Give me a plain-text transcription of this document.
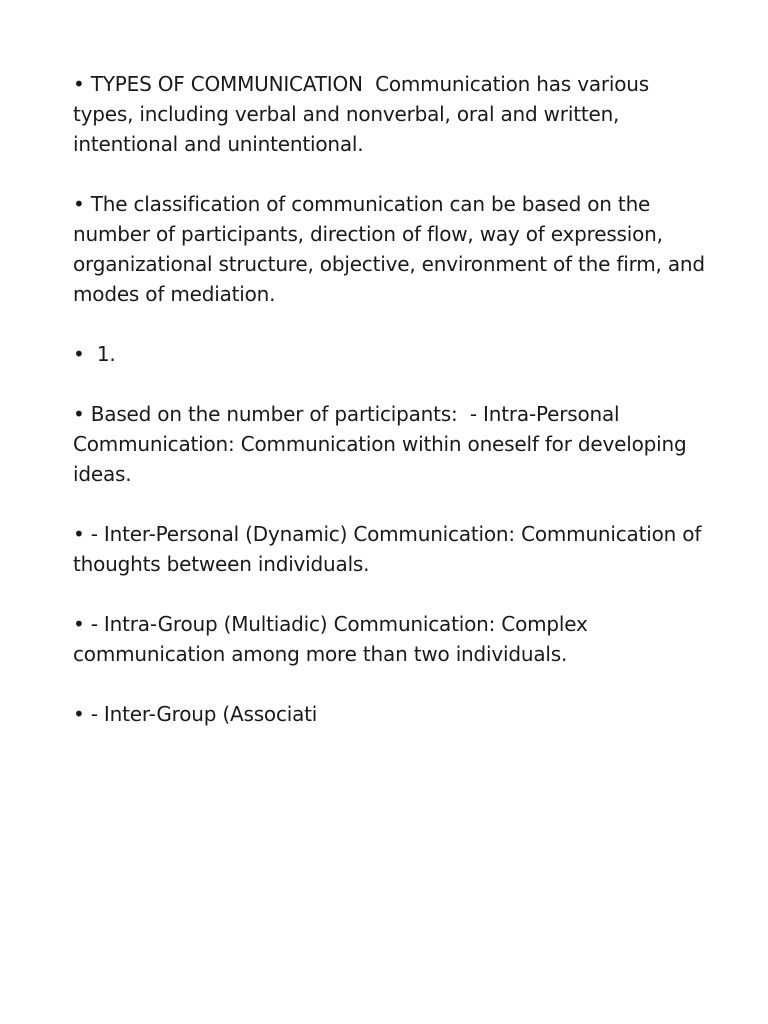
• TYPES OF COMMUNICATION  Communication has various types, including verbal and nonverbal, oral and written, intentional and unintentional.

• The classification of communication can be based on the number of participants, direction of flow, way of expression, organizational structure, objective, environment of the firm, and modes of mediation.

•  1.

• Based on the number of participants:  - Intra-Personal Communication: Communication within oneself for developing ideas.

• - Inter-Personal (Dynamic) Communication: Communication of thoughts between individuals.

• - Intra-Group (Multiadic) Communication: Complex communication among more than two individuals.

• - Inter-Group (Associati
